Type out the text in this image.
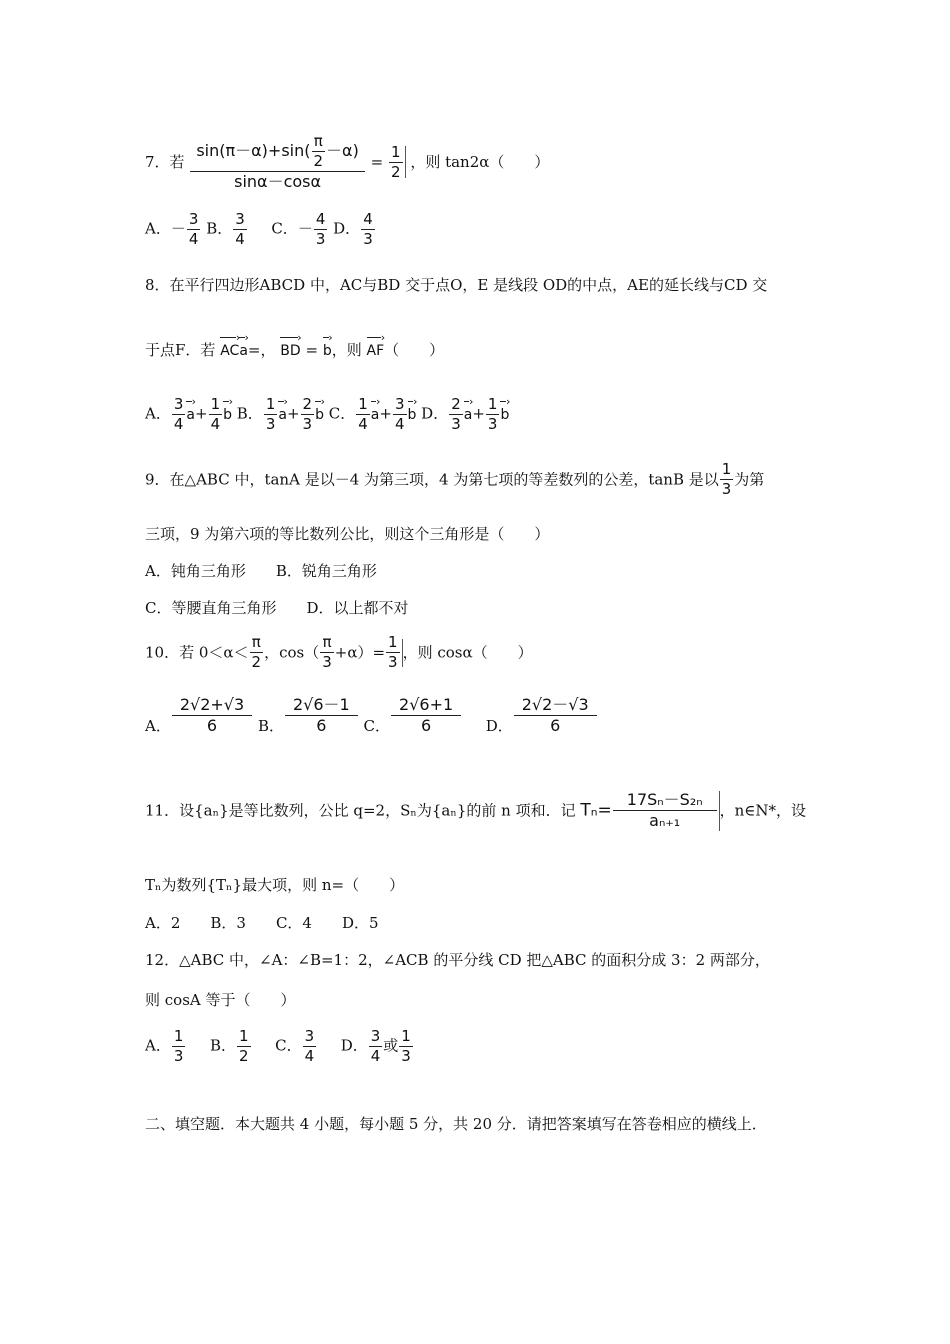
7．若 $\frac{\sin(\pi-\alpha)+\sin( \frac{\pi}{2} -\alpha)}{\sin\alpha-\cos\alpha} = \frac{1}{2}$ ，则 tan2α（　　）
A．－ $\frac{3}{4}$ B． $\frac{3}{4}$ C．－ $\frac{4}{3}$ D． $\frac{4}{3}$
8．在平行四边形ABCD 中，AC与BD 交于点O，E 是线段 OD的中点，AE的延长线与CD 交
于点F．若 AC ›a ›=， BD › = b ›，则 AF ›（　　）
A． $\frac{3}{4}$ a ›+ $\frac{1}{4}$ b › B． $\frac{1}{3}$ a ›+ $\frac{2}{3}$ b › C． $\frac{1}{4}$ a ›+ $\frac{3}{4}$ b › D． $\frac{2}{3}$ a ›+ $\frac{1}{3}$ b ›
9．在△ABC 中，tanA 是以－4 为第三项，4 为第七项的等差数列的公差，tanB 是以 $\frac{1}{3}$ 为第
三项，9 为第六项的等比数列公比，则这个三角形是（　　）
A．钝角三角形　　 B．锐角三角形
C．等腰直角三角形　　 D．以上都不对
10．若 $0<\alpha< \frac{\pi}{2}$ ，$\cos( \frac{\pi}{3} +\alpha)= \frac{1}{3}$ ，则 cosα（　　）
A． $\frac{2√2+√3}{6}$ B． $\frac{2√6-1}{6}$ C． $\frac{2√6+1}{6}$ D． $\frac{2√2-√3}{6}$
11．设{aₙ}是等比数列，公比 q=2，Sₙ为{aₙ}的前 n 项和．记 $T_n= \frac{\text{17Sₙ－S₂ₙ}}{\text{aₙ₊₁}}$ ，n∈N*，设
Tₙ为数列{Tₙ}最大项，则 n=（　　）
A．2　　B．3　　C．4　　D．5
12．△ABC 中，∠A：∠B=1：2，∠ACB 的平分线 CD 把△ABC 的面积分成 3：2 两部分，
则 cosA 等于（　　）
A． $\frac{1}{3}$ B． $\frac{1}{2}$ C． $\frac{3}{4}$ D． $\frac{3}{4}$ 或 $\frac{1}{3}$
二、填空题．本大题共 4 小题，每小题 5 分，共 20 分．请把答案填写在答卷相应的横线上．
